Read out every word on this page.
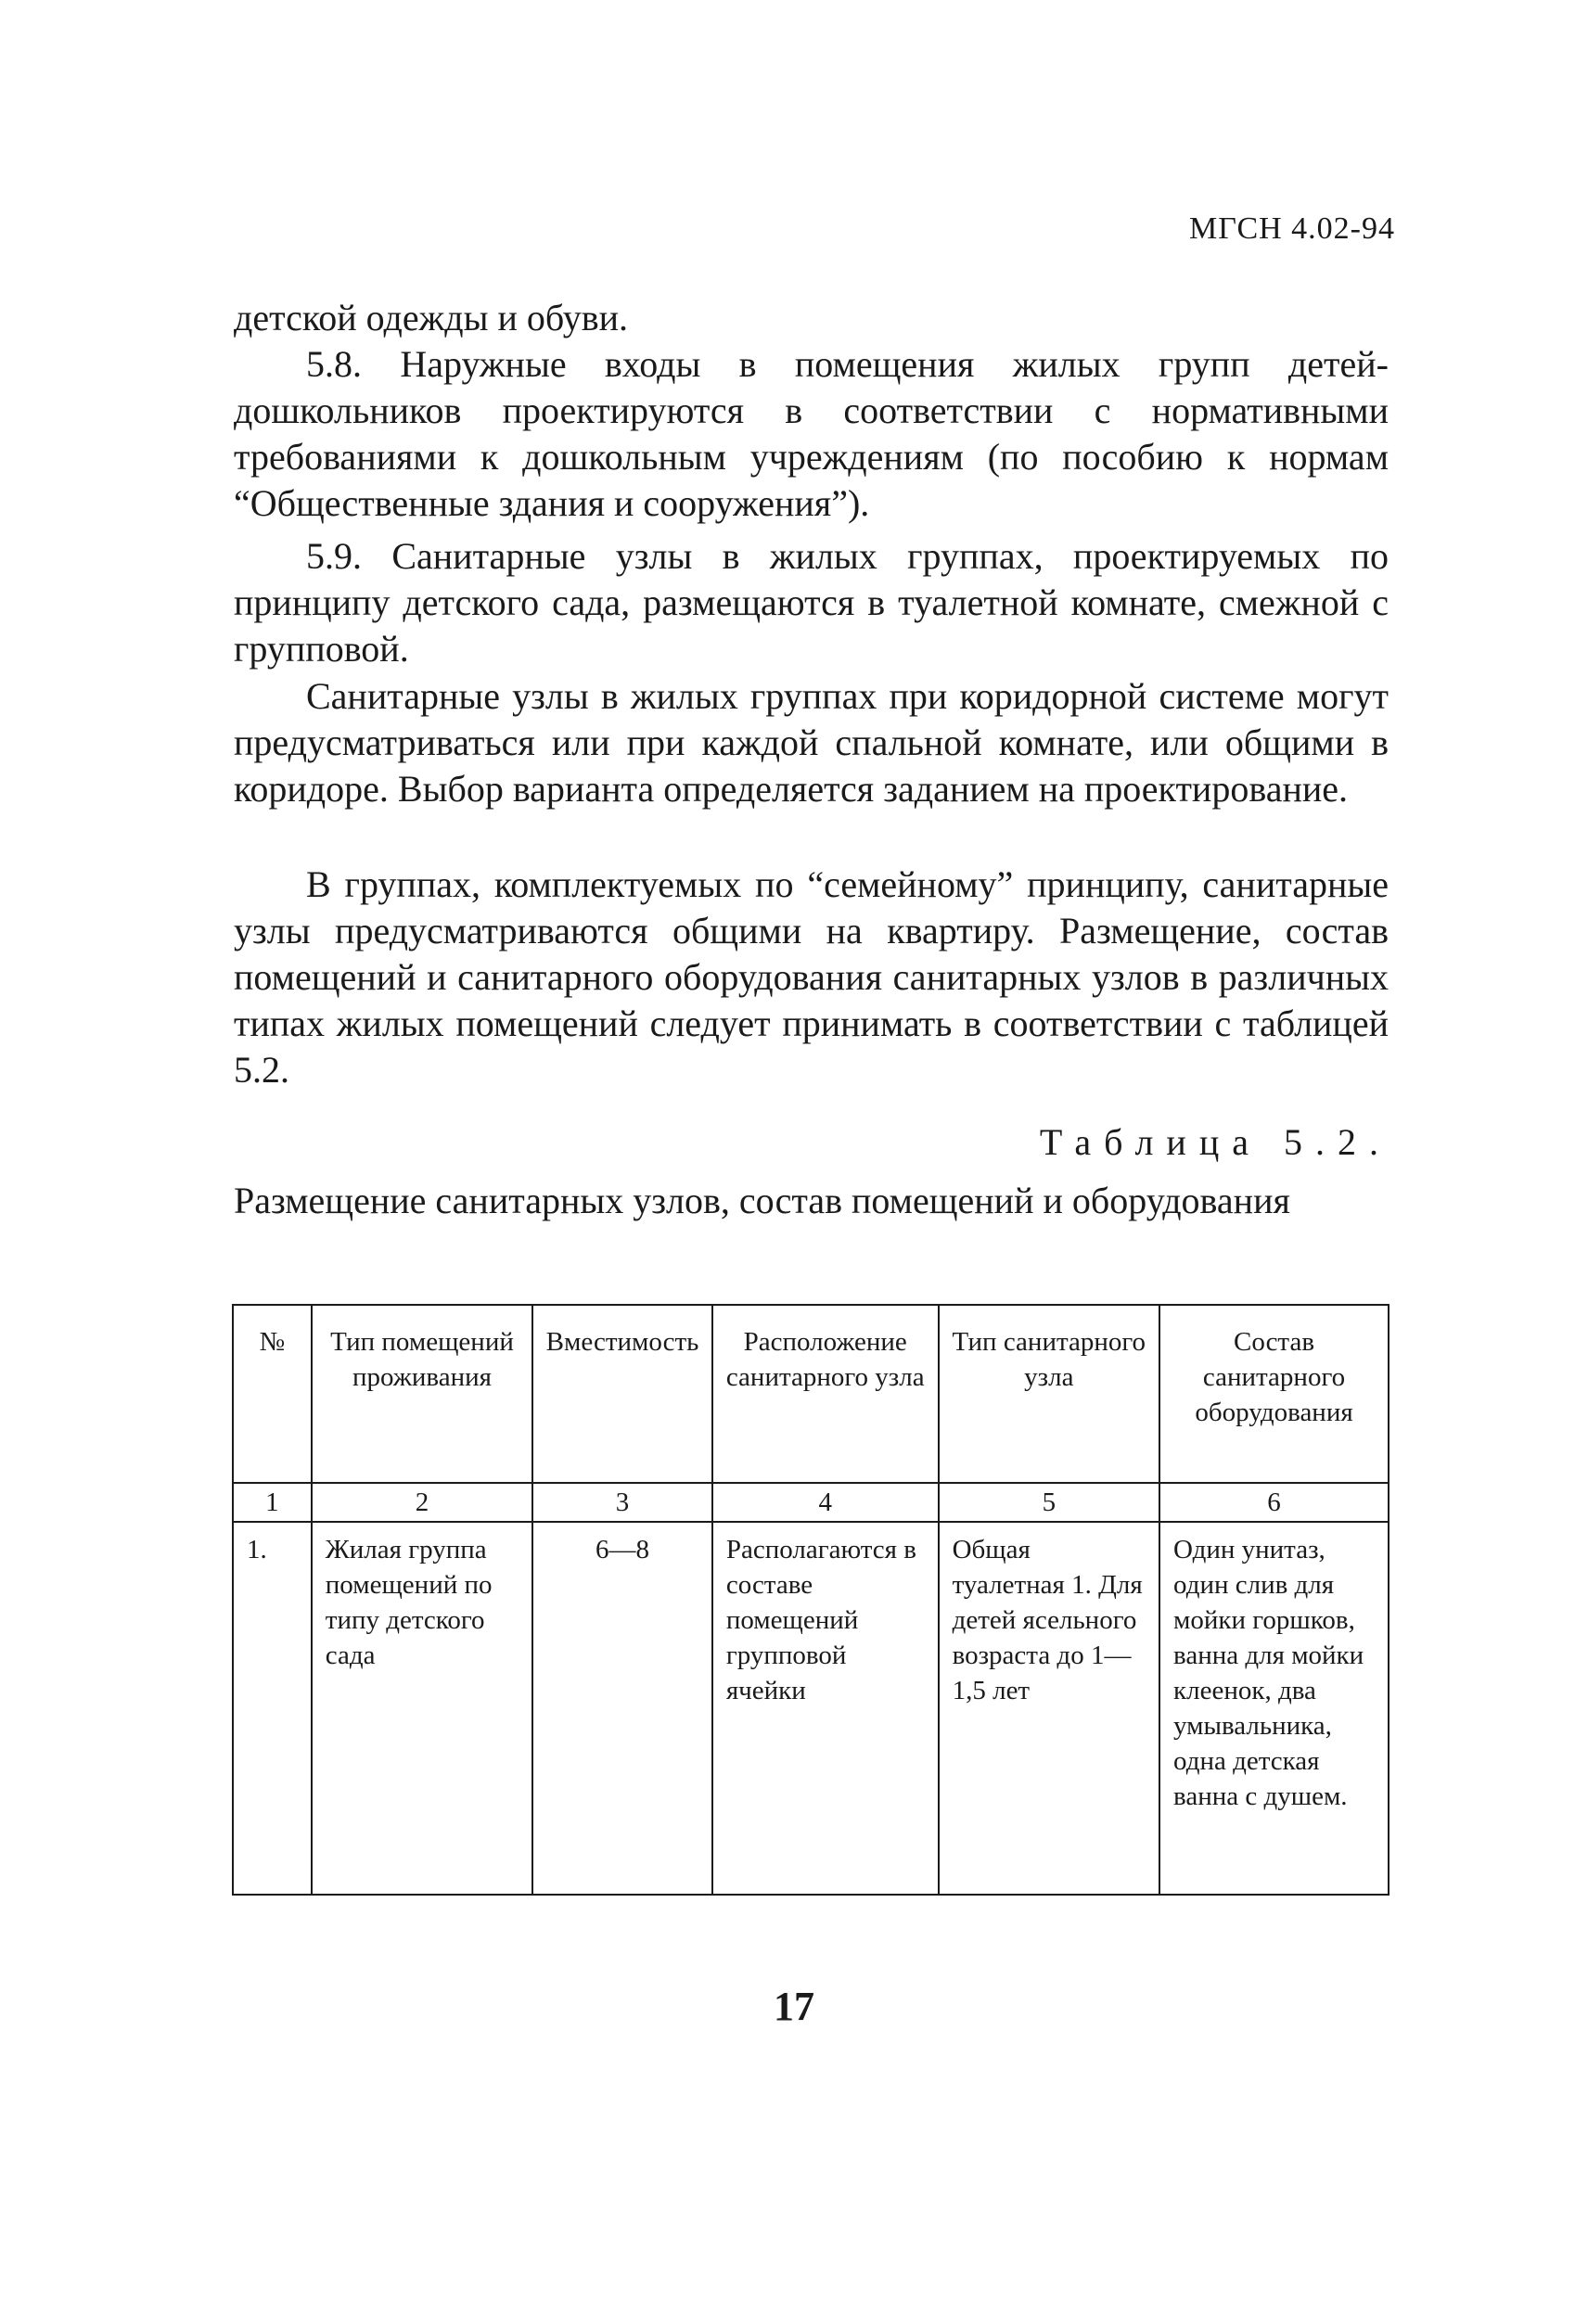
МГСН 4.02-94

детской одежды и обуви.

5.8. Наружные входы в помещения жилых групп детей-дошкольников проектируются в соответствии с нормативными требованиями к дошкольным учреждениям (по пособию к нормам “Общественные здания и сооружения”).

5.9. Санитарные узлы в жилых группах, проектируемых по принципу детского сада, размещаются в туалетной комнате, смежной с групповой.

Санитарные узлы в жилых группах при коридорной системе могут предусматриваться или при каждой спальной комнате, или общими в коридоре. Выбор варианта определяется заданием на проектирование.

В группах, комплектуемых по “семейному” принципу, санитарные узлы предусматриваются общими на квартиру. Размещение, состав помещений и санитарного оборудования санитарных узлов в различных типах жилых помещений следует принимать в соответствии с таблицей 5.2.

Таблица 5.2.
Размещение санитарных узлов, состав помещений и оборудования
№	Тип помещений проживания	Вместимость	Расположение санитарного узла	Тип санитарного узла	Состав санитарного оборудования
1	2	3	4	5	6
1.	Жилая группа помещений по типу детского сада	6—8	Располагаются в составе помещений групповой ячейки	Общая туалетная 1. Для детей ясельного возраста до 1—1,5 лет	Один унитаз, один слив для мойки горшков, ванна для мойки клеенок, два умывальника, одна детская ванна с душем.
17
